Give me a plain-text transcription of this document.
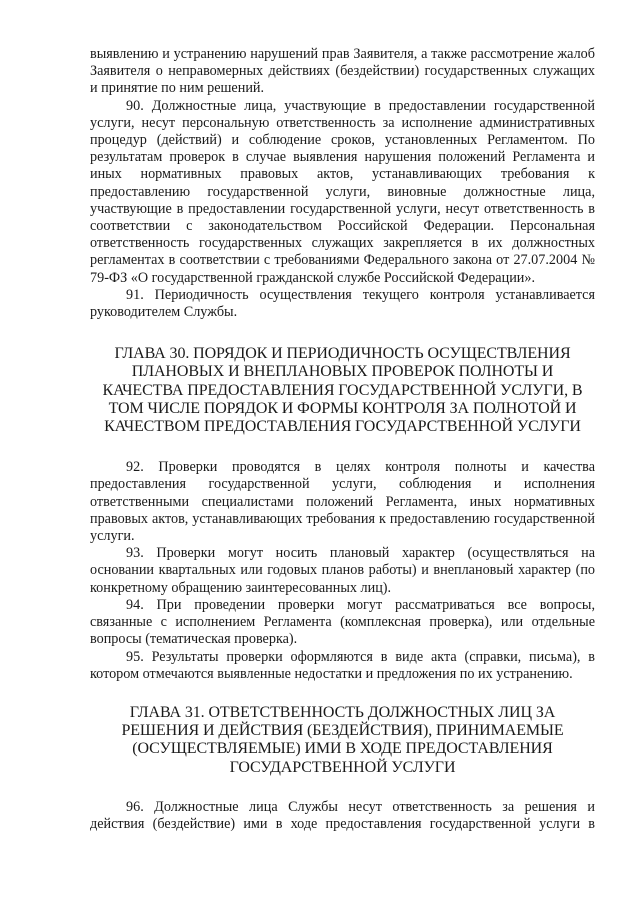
выявлению и устранению нарушений прав Заявителя, а также рассмотрение жалоб Заявителя о неправомерных действиях (бездействии) государственных служащих и принятие по ним решений.

90. Должностные лица, участвующие в предоставлении государственной услуги, несут персональную ответственность за исполнение административных процедур (действий) и соблюдение сроков, установленных Регламентом. По результатам проверок в случае выявления нарушения положений Регламента и иных нормативных правовых актов, устанавливающих требования к предоставлению государственной услуги, виновные должностные лица, участвующие в предоставлении государственной услуги, несут ответственность в соответствии с законодательством Российской Федерации. Персональная ответственность государственных служащих закрепляется в их должностных регламентах в соответствии с требованиями Федерального закона от 27.07.2004 № 79-ФЗ «О государственной гражданской службе Российской Федерации».

91. Периодичность осуществления текущего контроля устанавливается руководителем Службы.

ГЛАВА 30. ПОРЯДОК И ПЕРИОДИЧНОСТЬ ОСУЩЕСТВЛЕНИЯ ПЛАНОВЫХ И ВНЕПЛАНОВЫХ ПРОВЕРОК ПОЛНОТЫ И КАЧЕСТВА ПРЕДОСТАВЛЕНИЯ ГОСУДАРСТВЕННОЙ УСЛУГИ, В ТОМ ЧИСЛЕ ПОРЯДОК И ФОРМЫ КОНТРОЛЯ ЗА ПОЛНОТОЙ И КАЧЕСТВОМ ПРЕДОСТАВЛЕНИЯ ГОСУДАРСТВЕННОЙ УСЛУГИ

92. Проверки проводятся в целях контроля полноты и качества предоставления государственной услуги, соблюдения и исполнения ответственными специалистами положений Регламента, иных нормативных правовых актов, устанавливающих требования к предоставлению государственной услуги.

93. Проверки могут носить плановый характер (осуществляться на основании квартальных или годовых планов работы) и внеплановый характер (по конкретному обращению заинтересованных лиц).

94. При проведении проверки могут рассматриваться все вопросы, связанные с исполнением Регламента (комплексная проверка), или отдельные вопросы (тематическая проверка).

95. Результаты проверки оформляются в виде акта (справки, письма), в котором отмечаются выявленные недостатки и предложения по их устранению.

ГЛАВА 31. ОТВЕТСТВЕННОСТЬ ДОЛЖНОСТНЫХ ЛИЦ ЗА РЕШЕНИЯ И ДЕЙСТВИЯ (БЕЗДЕЙСТВИЯ), ПРИНИМАЕМЫЕ (ОСУЩЕСТВЛЯЕМЫЕ) ИМИ В ХОДЕ ПРЕДОСТАВЛЕНИЯ ГОСУДАРСТВЕННОЙ УСЛУГИ

96. Должностные лица Службы несут ответственность за решения и действия (бездействие) ими в ходе предоставления государственной услуги в
